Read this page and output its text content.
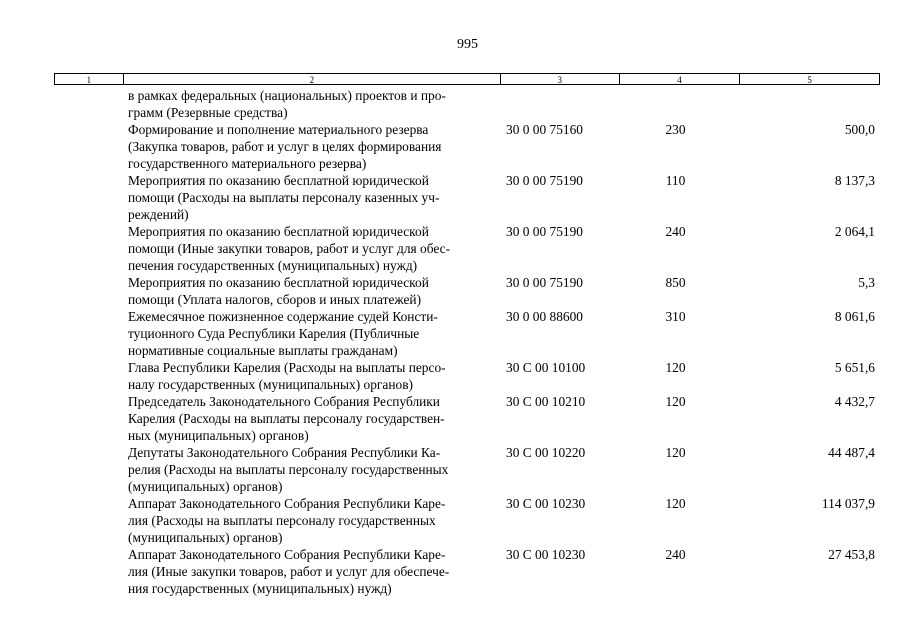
995
1	2	3	4	5
в рамках федеральных (национальных) проектов и про-
грамм (Резервные средства)
Формирование и пополнение материального резерва
(Закупка товаров, работ и услуг в целях формирования
государственного материального резерва)
30 0 00 75160	230	500,0
Мероприятия по оказанию бесплатной юридической
помощи (Расходы на выплаты персоналу казенных уч-
реждений)
30 0 00 75190	110	8 137,3
Мероприятия по оказанию бесплатной юридической
помощи (Иные закупки товаров, работ и услуг для обес-
печения государственных (муниципальных) нужд)
30 0 00 75190	240	2 064,1
Мероприятия по оказанию бесплатной юридической
помощи (Уплата налогов, сборов и иных платежей)
30 0 00 75190	850	5,3
Ежемесячное пожизненное содержание судей Консти-
туционного Суда Республики Карелия (Публичные
нормативные социальные выплаты гражданам)
30 0 00 88600	310	8 061,6
Глава Республики Карелия (Расходы на выплаты персо-
налу государственных (муниципальных) органов)
30 С 00 10100	120	5 651,6
Председатель Законодательного Собрания Республики
Карелия (Расходы на выплаты персоналу государствен-
ных (муниципальных) органов)
30 С 00 10210	120	4 432,7
Депутаты Законодательного Собрания Республики Ка-
релия (Расходы на выплаты персоналу государственных
(муниципальных) органов)
30 С 00 10220	120	44 487,4
Аппарат Законодательного Собрания Республики Каре-
лия (Расходы на выплаты персоналу государственных
(муниципальных) органов)
30 С 00 10230	120	114 037,9
Аппарат Законодательного Собрания Республики Каре-
лия (Иные закупки товаров, работ и услуг для обеспече-
ния государственных (муниципальных) нужд)
30 С 00 10230	240	27 453,8
